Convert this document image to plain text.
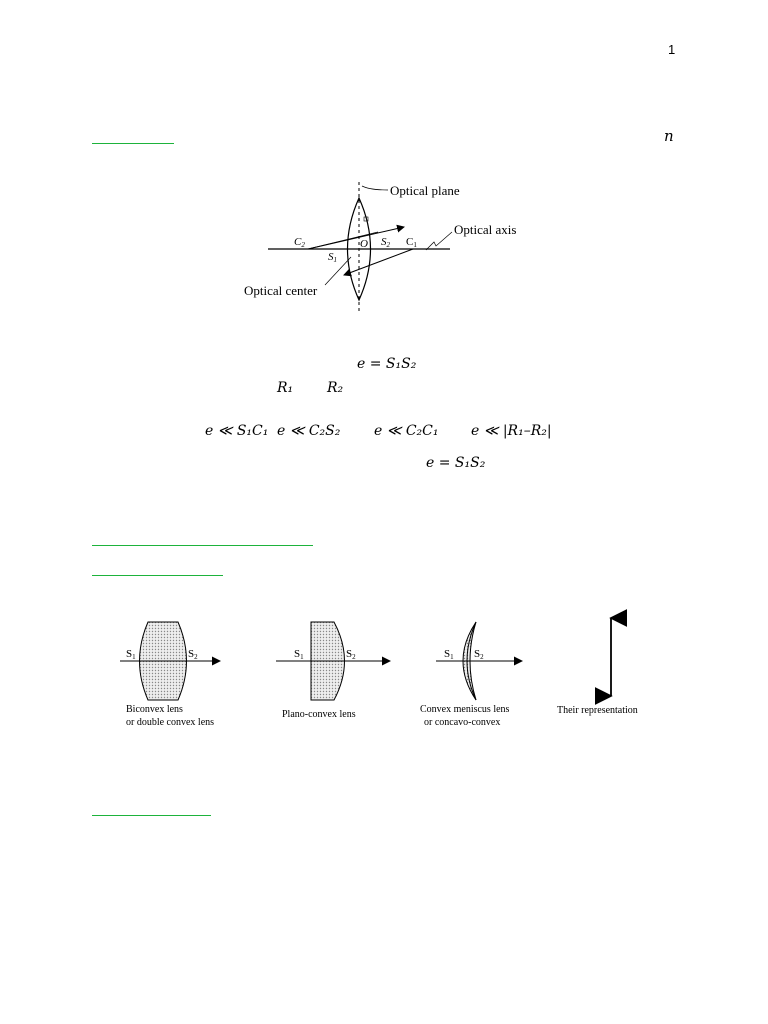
1
n
Optical plane
Optical axis
Optical center
C2	O S2 C1
S1
e = S₁S₂
R₁ R₂
e ≪ S₁C₁ e ≪ C₂S₂ e ≪ C₂C₁ e ≪ |R₁–R₂|
e = S₁S₂
S1	S2
Biconvex lens
or double convex lens
S1	S2
Plano-convex lens
S1 S2
Convex meniscus lens
or concavo-convex
Their representation
